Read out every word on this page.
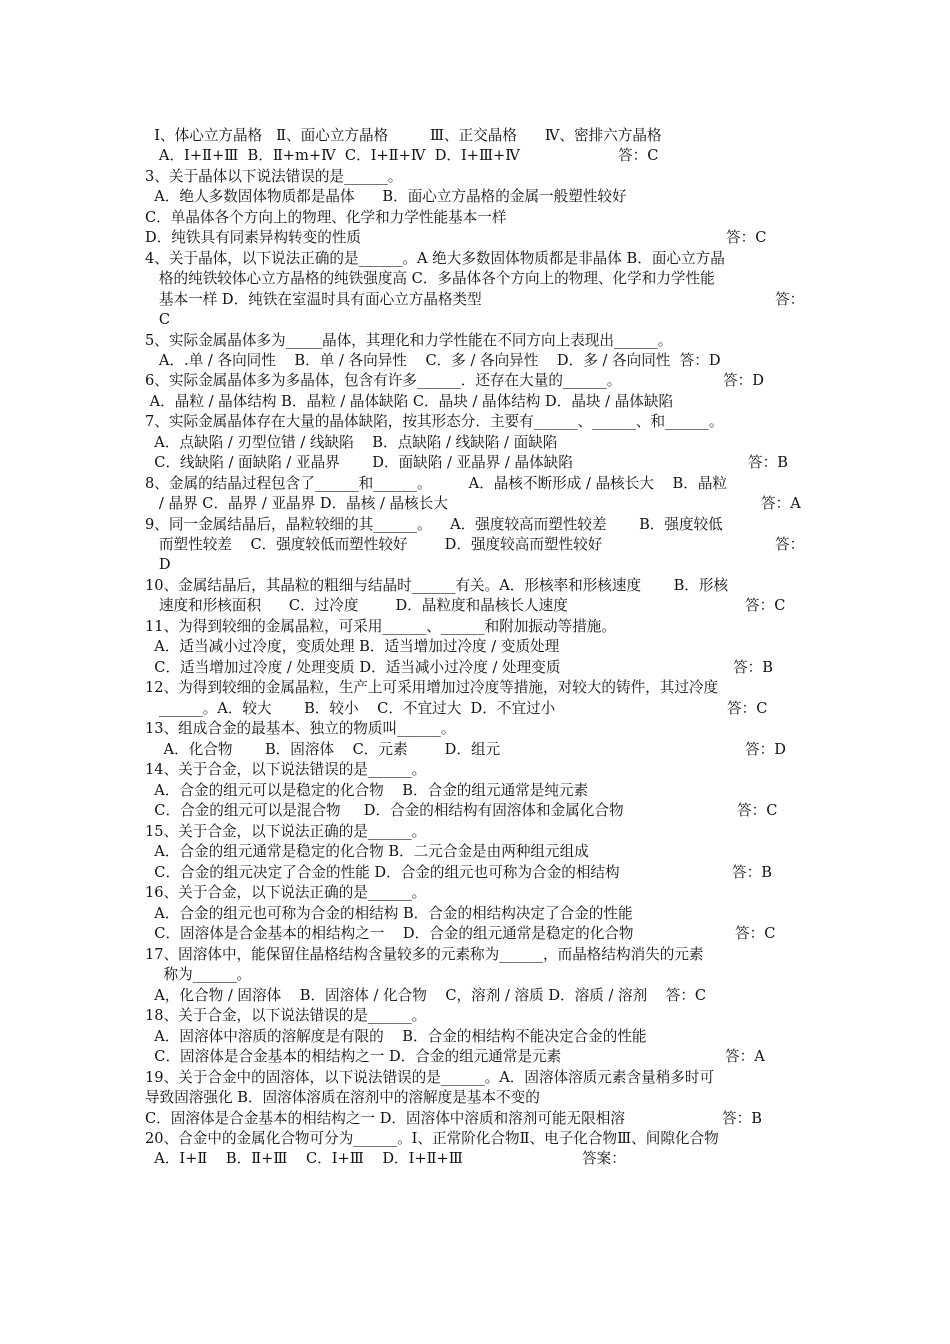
Ⅰ、体心立方晶格   Ⅱ、面心立方晶格         Ⅲ、正交晶格      Ⅳ、密排六方晶格
A．Ⅰ+Ⅱ+Ⅲ  B．Ⅱ+m+Ⅳ  C．Ⅰ+Ⅱ+Ⅳ  D．Ⅰ+Ⅲ+Ⅳ	答：C
3、关于晶体以下说法错误的是______。
A．绝人多数固体物质都是晶体      B．面心立方晶格的金属一般塑性较好
C．单晶体各个方向上的物理、化学和力学性能基本一样
D．纯铁具有同素异构转变的性质	答：C
4、关于晶体，以下说法正确的是______。A 绝大多数固体物质都是非晶体 B．面心立方晶
格的纯铁较体心立方晶格的纯铁强度高 C．多晶体各个方向上的物理、化学和力学性能
基本一样 D．纯铁在室温时具有面心立方晶格类型	答：
C
5、实际金属晶体多为_____晶体，其理化和力学性能在不同方向上表现出______。
A．.单 / 各向同性    B．单 / 各向异性    C．多 / 各向异性    D．多 / 各向同性  答：D
6、实际金属晶体多为多晶体，包含有许多______．还存在大量的______。	答：D
A．晶粒 / 晶体结构 B．晶粒 / 晶体缺陷 C．晶块 / 晶体结构 D．晶块 / 晶体缺陷
7、实际金属晶体存在大量的晶体缺陷，按其形态分．主要有______、______、和______。
A．点缺陷 / 刃型位错 / 线缺陷    B．点缺陷 / 线缺陷 / 面缺陷
C．线缺陷 / 面缺陷 / 亚晶界       D．面缺陷 / 亚晶界 / 晶体缺陷	答：B
8、金属的结晶过程包含了______和______。        A．晶核不断形成 / 晶核长大    B．晶粒
/ 晶界 C．晶界 / 亚晶界 D．晶核 / 晶核长大	答：A
9、同一金属结晶后，晶粒较细的其______。    A．强度较高而塑性较差       B．强度较低
而塑性较差    C．强度较低而塑性较好        D．强度较高而塑性较好	答：
D
10、金属结晶后，其晶粒的粗细与结晶时______有关。A．形核率和形核速度       B．形核
速度和形核面积      C．过冷度        D．晶粒度和晶核长人速度	答：C
11、为得到较细的金属晶粒，可采用______、______和附加振动等措施。
A．适当减小过冷度，变质处理 B．适当增加过冷度 / 变质处理
C．适当增加过冷度 / 处理变质 D．适当减小过冷度 / 处理变质	答：B
12、为得到较细的金属晶粒，生产上可采用增加过冷度等措施，对较大的铸件，其过冷度
______。A．较大       B．较小    C．不宜过大  D．不宜过小	答：C
13、组成合金的最基本、独立的物质叫______。
A．化合物       B．固溶体    C．元素        D．组元	答：D
14、关于合金，以下说法错误的是______。
A．合金的组元可以是稳定的化合物    B．合金的组元通常是纯元素
C．合金的组元可以是混合物     D．合金的相结构有固溶体和金属化合物	答：C
15、关于合金，以下说法正确的是______。
A．合金的组元通常是稳定的化合物 B．二元合金是由两种组元组成
C．合金的组元决定了合金的性能 D．合金的组元也可称为合金的相结构	答：B
16、关于合金，以下说法正确的是______。
A．合金的组元也可称为合金的相结构 B．合金的相结构决定了合金的性能
C．固溶体是合金基本的相结构之一    D．合金的组元通常是稳定的化合物	答：C
17、固溶体中，能保留住晶格结构含量较多的元素称为______，而晶格结构消失的元素
称为______。
A，化合物 / 固溶体    B．固溶体 / 化合物    C，溶剂 / 溶质 D．溶质 / 溶剂    答：C
18、关于合金，以下说法错误的是______。
A．固溶体中溶质的溶解度是有限的    B．合金的相结构不能决定合金的性能
C．固溶体是合金基本的相结构之一 D．合金的组元通常是元素	答：A
19、关于合金中的固溶体，以下说法错误的是______。A．固溶体溶质元素含量稍多时可
导致固溶强化 B．固溶体溶质在溶剂中的溶解度是基本不变的
C．固溶体是合金基本的相结构之一 D．固溶体中溶质和溶剂可能无限相溶	答：B
20、合金中的金属化合物可分为______。Ⅰ、正常阶化合物Ⅱ、电子化合物Ⅲ、间隙化合物
A．Ⅰ+Ⅱ    B．Ⅱ+Ⅲ    C．Ⅰ+Ⅲ    D．Ⅰ+Ⅱ+Ⅲ	答案：
